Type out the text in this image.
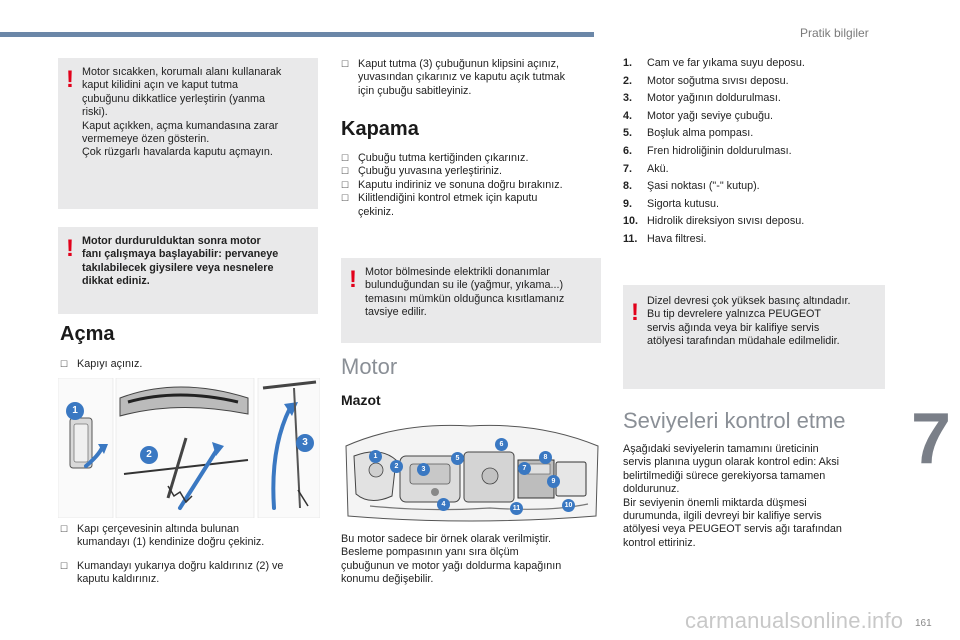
Pratik bilgiler
! Motor sıcakken, korumalı alanı kullanarak

kaput kilidini açın ve kaput tutma

çubuğunu dikkatlice yerleştirin (yanma

riski).

Kaput açıkken, açma kumandasına zarar

vermemeye özen gösterin.

Çok rüzgarlı havalarda kaputu açmayın.

! Motor durdurulduktan sonra motor

fanı çalışmaya başlayabilir: pervaneye

takılabilecek giysilere veya nesnelere

dikkat ediniz.

Açma
☐ Kapıyı açınız.
1
2
3
☐ Kapı çerçevesinin altında bulunan
kumandayı (1) kendinize doğru çekiniz.
☐ Kumandayı yukarıya doğru kaldırınız (2) ve
kaputu kaldırınız.
☐ Kaput tutma (3) çubuğunun klipsini açınız,
yuvasından çıkarınız ve kaputu açık tutmak
için çubuğu sabitleyiniz.
Kapama
☐ Çubuğu tutma kertiğinden çıkarınız.
☐ Çubuğu yuvasına yerleştiriniz.
☐ Kaputu indiriniz ve sonuna doğru bırakınız.
☐ Kilitlendiğini kontrol etmek için kaputu
çekiniz.
! Motor bölmesinde elektrikli donanımlar

bulunduğundan su ile (yağmur, yıkama...)

temasını mümkün olduğunca kısıtlamanız

tavsiye edilir.

Motor
Mazot
1
2	3
4
5
6
7
8
9
10
11
Bu motor sadece bir örnek olarak verilmiştir.
Besleme pompasının yanı sıra ölçüm
çubuğunun ve motor yağı doldurma kapağının
konumu değişebilir.
1.	Cam ve far yıkama suyu deposu.
2.	Motor soğutma sıvısı deposu.
3.	Motor yağının doldurulması.
4.	Motor yağı seviye çubuğu.
5.	Boşluk alma pompası.
6.	Fren hidroliğinin doldurulması.
7.	Akü.
8.	Şasi noktası ("-" kutup).
9.	Sigorta kutusu.
10. Hidrolik direksiyon sıvısı deposu.
11. Hava filtresi.
! Dizel devresi çok yüksek basınç altındadır.

Bu tip devrelere yalnızca PEUGEOT

servis ağında veya bir kalifiye servis

atölyesi tarafından müdahale edilmelidir.

Seviyeleri kontrol etme
Aşağıdaki seviyelerin tamamını üreticinin
servis planına uygun olarak kontrol edin: Aksi
belirtilmediği sürece gerekiyorsa tamamen
doldurunuz.
Bir seviyenin önemli miktarda düşmesi
durumunda, ilgili devreyi bir kalifiye servis
atölyesi veya PEUGEOT servis ağı tarafından
kontrol ettiriniz.
7
carmanualsonline.info 161
